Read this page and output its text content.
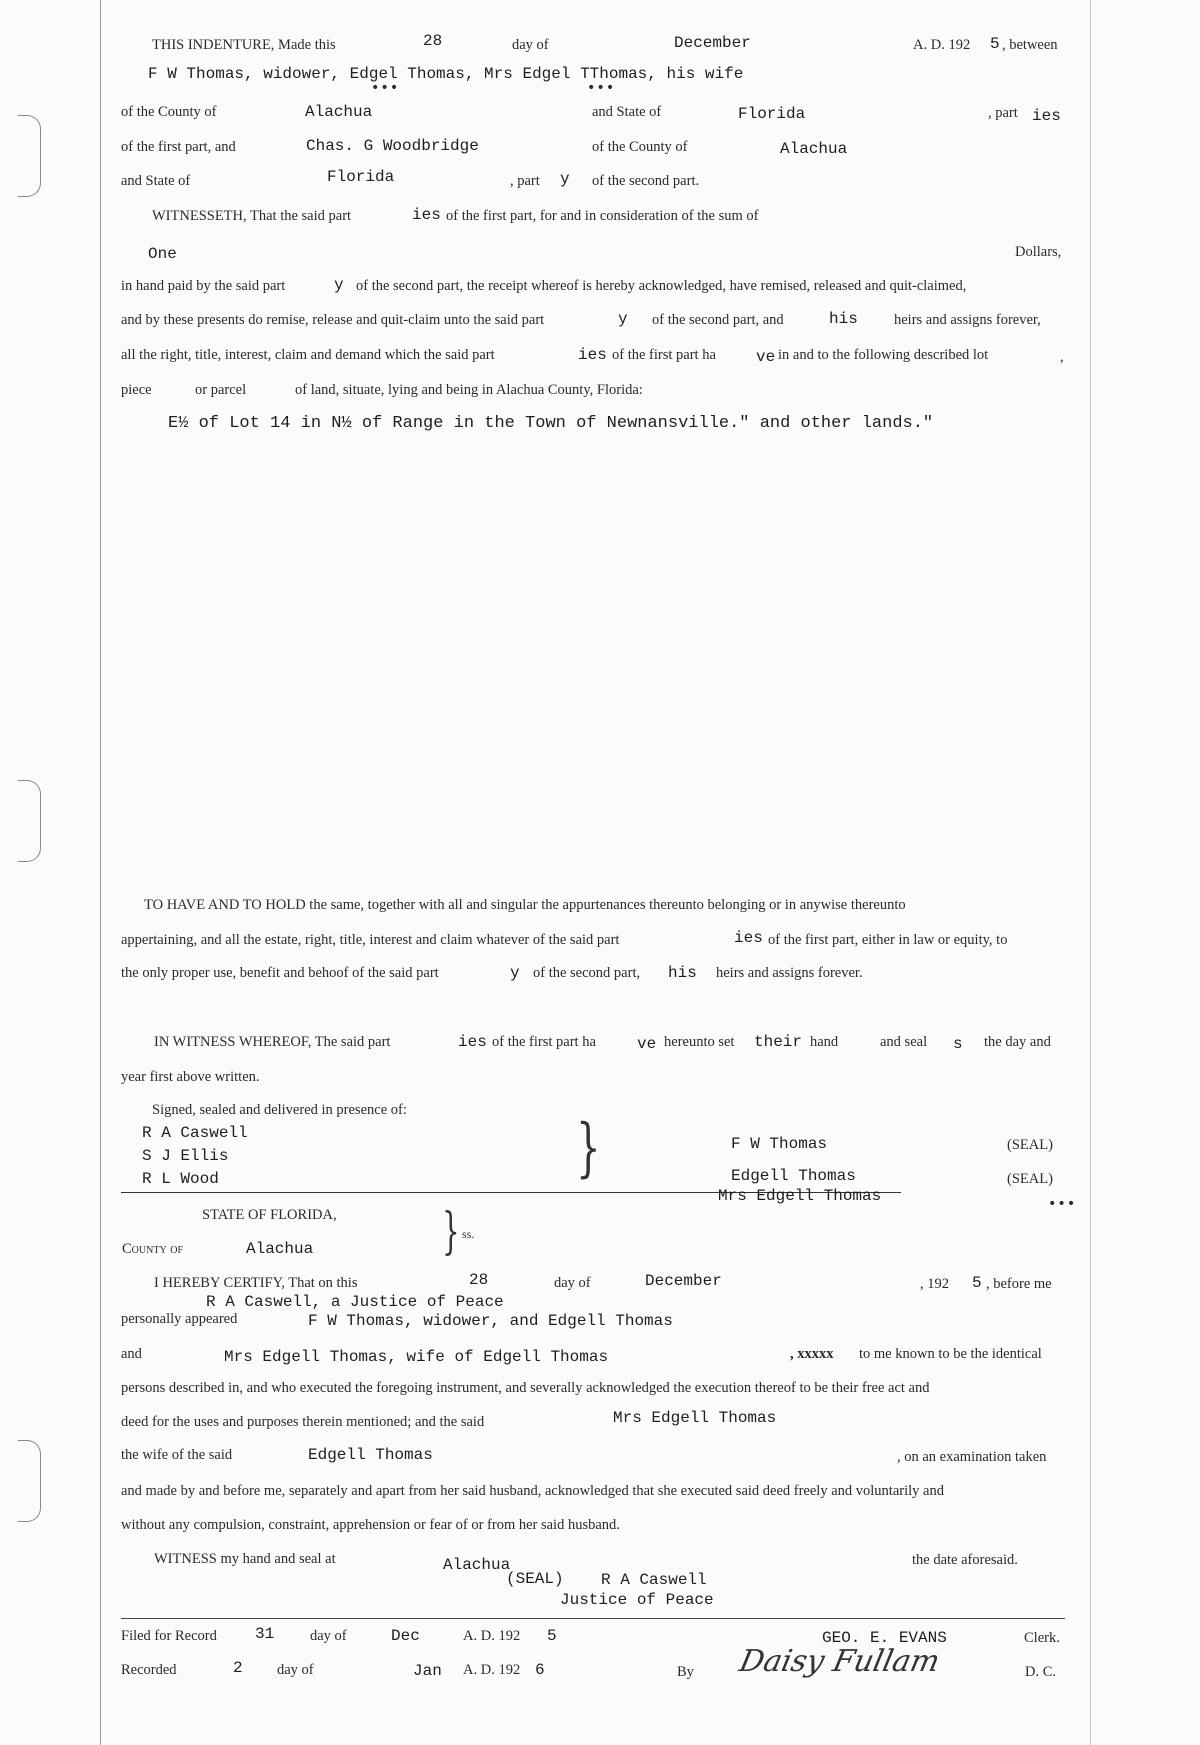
THIS INDENTURE, Made this	28	day of	December	A. D. 192 5 , between
F W Thomas, widower, Edgel Thomas, Mrs Edgel TThomas, his wife
•••	•••
of the County of	Alachua	and State of	Florida	, part ies
of the first part, and	Chas. G Woodbridge	of the County of	Alachua
and State of	Florida	, part y of the second part.
WITNESSETH, That the said part	ies of the first part, for and in consideration of the sum of
One	Dollars,
in hand paid by the said part	y of the second part, the receipt whereof is hereby acknowledged, have remised, released and quit-claimed,
and by these presents do remise, release and quit-claim unto the said part	y of the second part, and	his heirs and assigns forever,
all the right, title, interest, claim and demand which the said part	ies of the first part ha	ve in and to the following described lot	,
piece	or parcel	of land, situate, lying and being in Alachua County, Florida:
E½ of Lot 14 in N½ of Range in the Town of Newnansville." and other lands."
TO HAVE AND TO HOLD the same, together with all and singular the appurtenances thereunto belonging or in anywise thereunto
appertaining, and all the estate, right, title, interest and claim whatever of the said part	ies of the first part, either in law or equity, to
the only proper use, benefit and behoof of the said part	y of the second part, his heirs and assigns forever.
IN WITNESS WHEREOF, The said part	ies of the first part ha	ve hereunto set their hand	and seal s the day and
year first above written.
Signed, sealed and delivered in presence of:
R A Caswell
S J Ellis
R L Wood	}	F W Thomas	(SEAL)
Edgell Thomas	(SEAL)
Mrs Edgell Thomas	•••
STATE OF FLORIDA,
County of	Alachua	} ss.
I HEREBY CERTIFY, That on this	28	day of	December	, 192 5 , before me
R A Caswell, a Justice of Peace
personally appeared	F W Thomas, widower, and Edgell Thomas
and	Mrs Edgell Thomas, wife of Edgell Thomas	, xxxxx to me known to be the identical
persons described in, and who executed the foregoing instrument, and severally acknowledged the execution thereof to be their free act and
deed for the uses and purposes therein mentioned; and the said	Mrs Edgell Thomas
the wife of the said	Edgell Thomas	, on an examination taken
and made by and before me, separately and apart from her said husband, acknowledged that she executed said deed freely and voluntarily and
without any compulsion, constraint, apprehension or fear of or from her said husband.
WITNESS my hand and seal at	Alachua	the date aforesaid.
(SEAL) R A Caswell
Justice of Peace
Filed for Record 31 day of	Dec	A. D. 192 5	GEO. E. EVANS	Clerk.
Recorded	2 day of	Jan A. D. 192 6	By Daisy Fullam	D. C.
